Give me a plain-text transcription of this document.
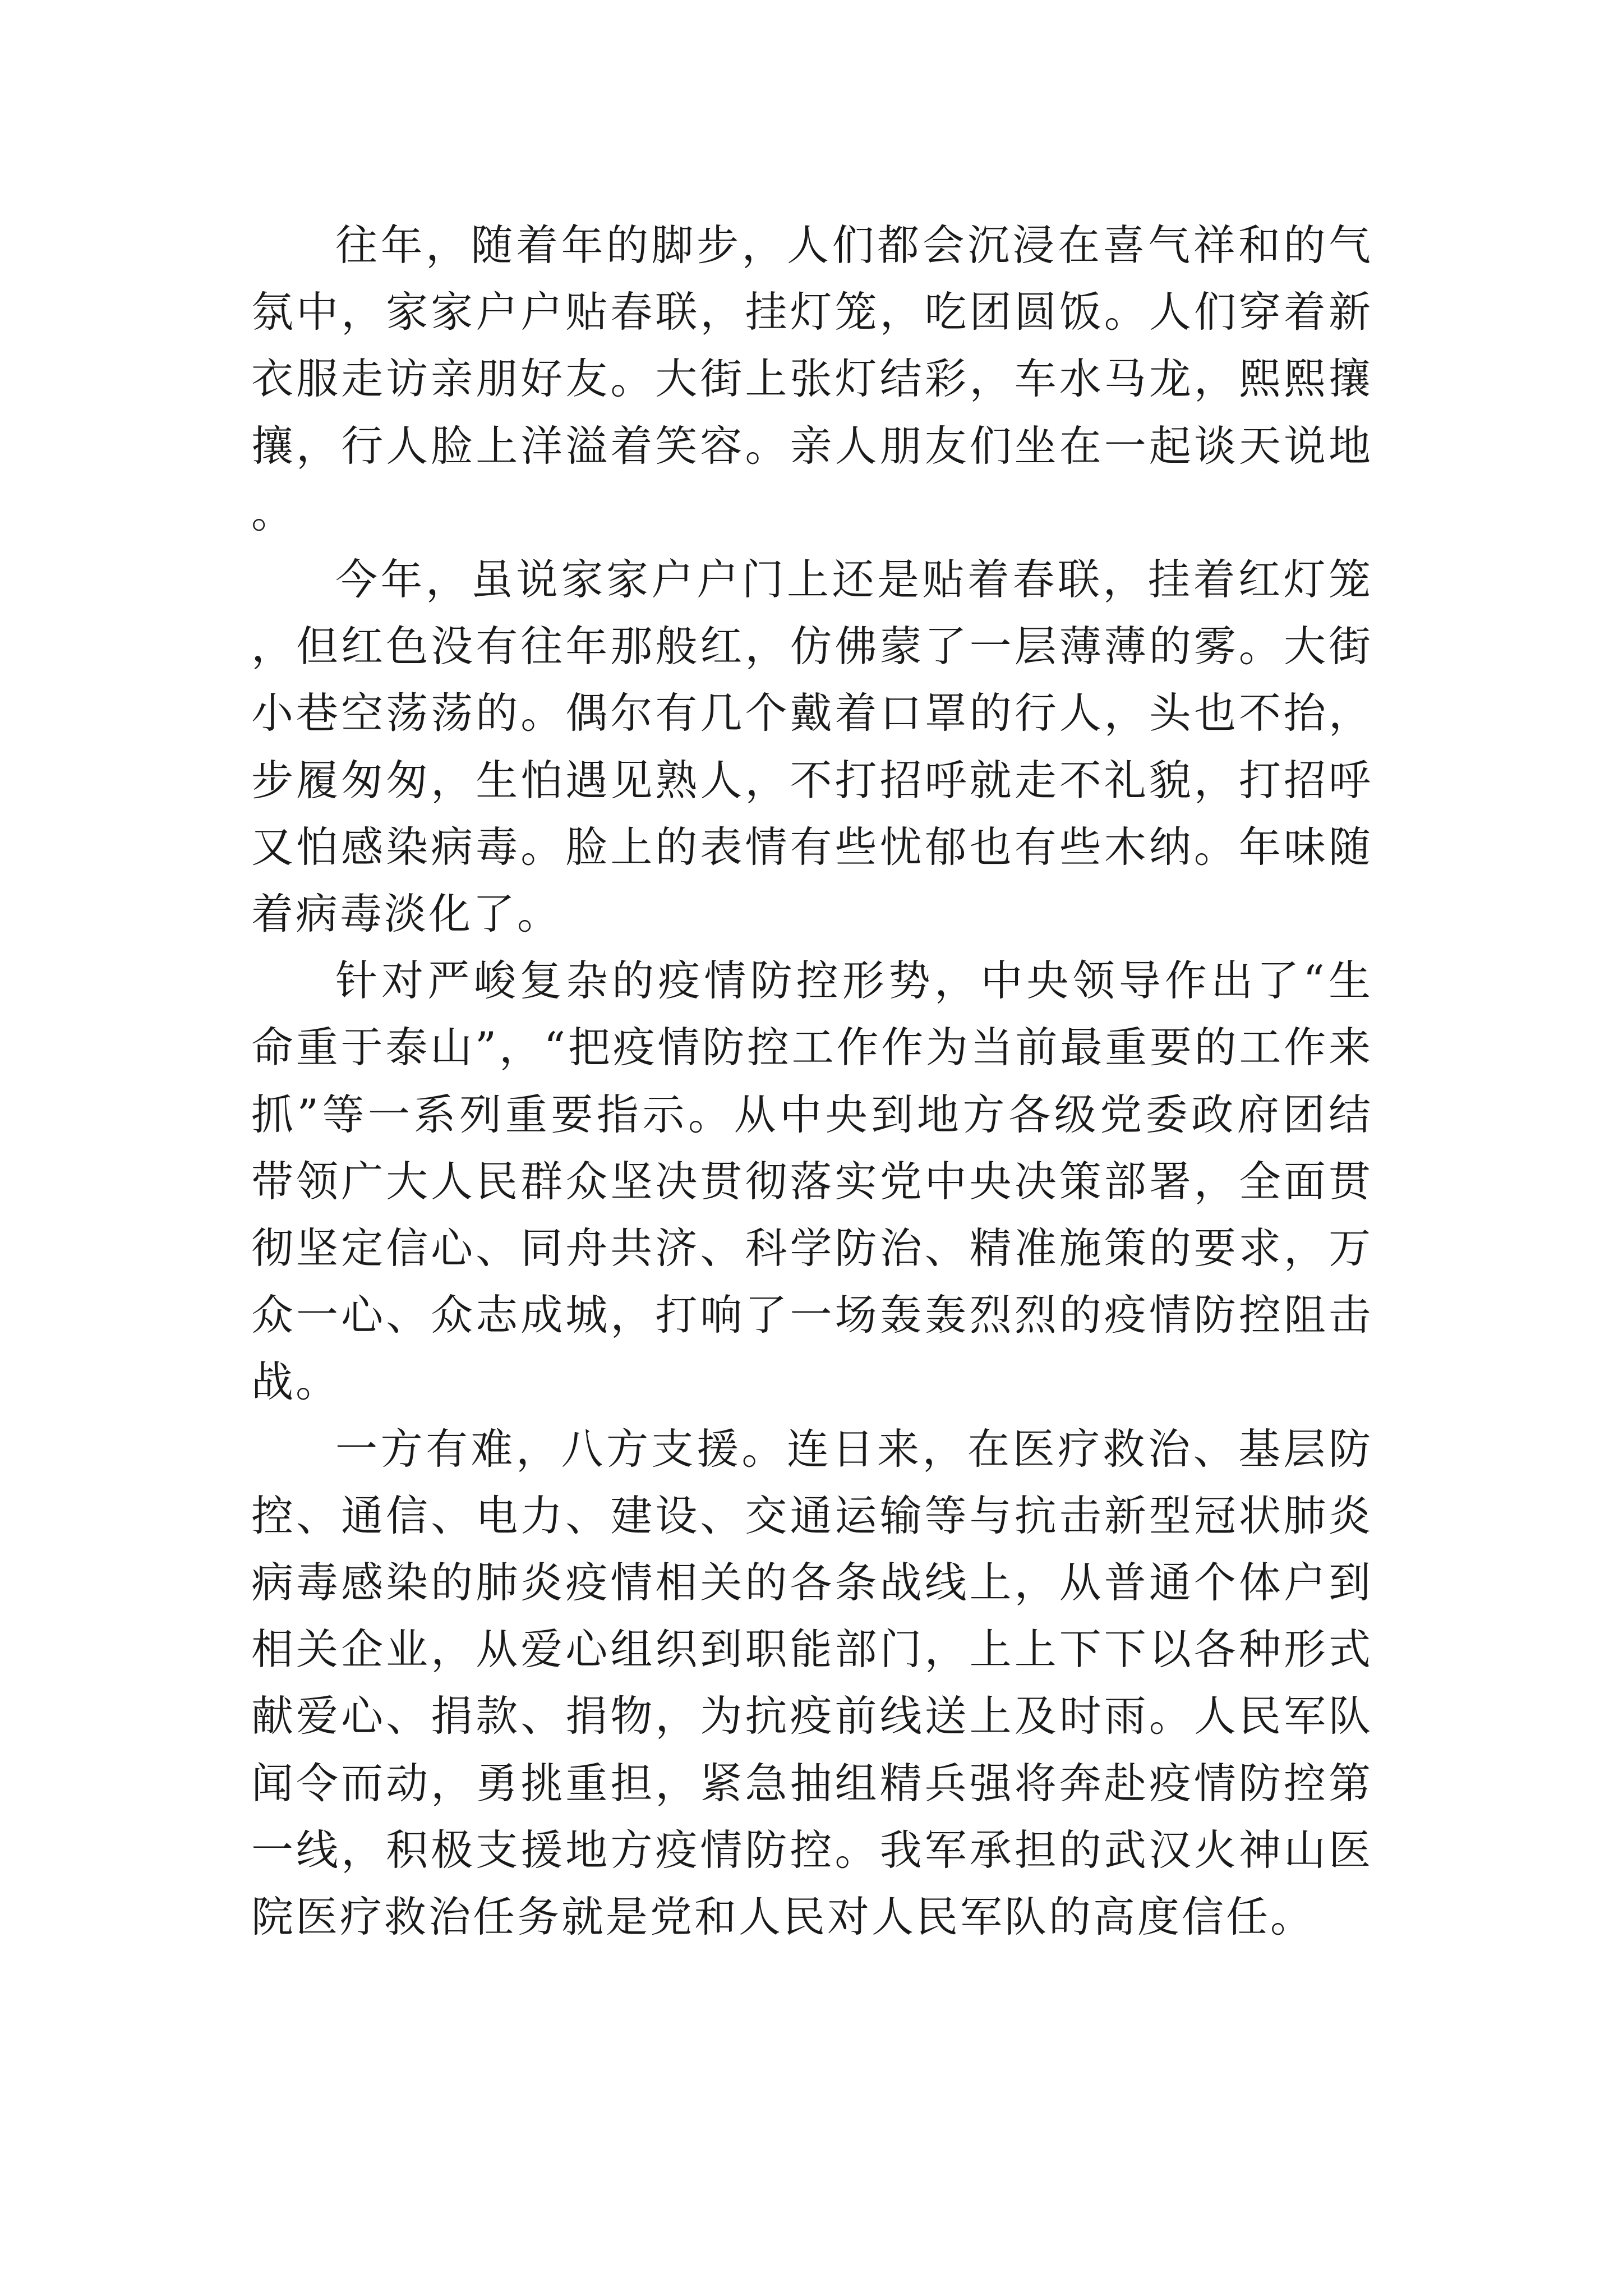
往年，随着年的脚步，人们都会沉浸在喜气祥和的气氛中，家家户户贴春联，挂灯笼，吃团圆饭。人们穿着新衣服走访亲朋好友。大街上张灯结彩，车水马龙，熙熙攘攘，行人脸上洋溢着笑容。亲人朋友们坐在一起谈天说地。

今年，虽说家家户户门上还是贴着春联，挂着红灯笼，但红色没有往年那般红，仿佛蒙了一层薄薄的雾。大街小巷空荡荡的。偶尔有几个戴着口罩的行人，头也不抬，步履匆匆，生怕遇见熟人，不打招呼就走不礼貌，打招呼又怕感染病毒。脸上的表情有些忧郁也有些木纳。年味随着病毒淡化了。

针对严峻复杂的疫情防控形势，中央领导作出了“生命重于泰山”，“把疫情防控工作作为当前最重要的工作来抓”等一系列重要指示。从中央到地方各级党委政府团结带领广大人民群众坚决贯彻落实党中央决策部署，全面贯彻坚定信心、同舟共济、科学防治、精准施策的要求，万众一心、众志成城，打响了一场轰轰烈烈的疫情防控阻击战。

一方有难，八方支援。连日来，在医疗救治、基层防控、通信、电力、建设、交通运输等与抗击新型冠状肺炎病毒感染的肺炎疫情相关的各条战线上，从普通个体户到相关企业，从爱心组织到职能部门，上上下下以各种形式献爱心、捐款、捐物，为抗疫前线送上及时雨。人民军队闻令而动，勇挑重担，紧急抽组精兵强将奔赴疫情防控第一线，积极支援地方疫情防控。我军承担的武汉火神山医院医疗救治任务就是党和人民对人民军队的高度信任。
